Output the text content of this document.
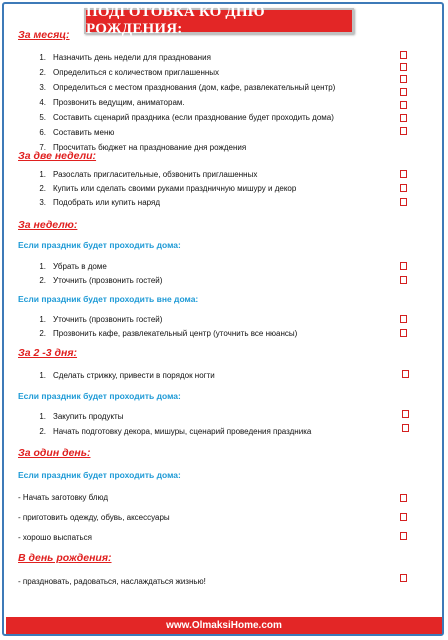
ПОДГОТОВКА КО ДНЮ РОЖДЕНИЯ:
За месяц:
1. Назначить день недели для празднования
2. Определиться с количеством приглашенных
3. Определиться с местом празднования (дом, кафе, развлекательный центр)
4. Прозвонить ведущим, аниматорам.
5. Составить сценарий праздника (если празднование будет проходить дома)
6. Составить меню
7. Просчитать бюджет на празднование дня рождения
За две недели:
1. Разослать пригласительные, обзвонить приглашенных
2. Купить или сделать своими руками праздничную мишуру и декор
3. Подобрать или купить наряд
За неделю:
Если праздник будет проходить дома:
1. Убрать в доме
2. Уточнить (прозвонить гостей)
Если праздник будет проходить вне дома:
1. Уточнить (прозвонить гостей)
2. Прозвонить кафе, развлекательный центр (уточнить все нюансы)
За 2 -3 дня:
1. Сделать стрижку, привести в порядок ногти
Если праздник будет проходить дома:
1. Закупить продукты
2. Начать подготовку декора, мишуры, сценарий проведения праздника
За один день:
Если праздник будет проходить дома:
- Начать заготовку блюд
- приготовить одежду, обувь, аксессуары
- хорошо выспаться
В день рождения:
- праздновать, радоваться, наслаждаться жизнью!
www.OlmaksiHome.com
